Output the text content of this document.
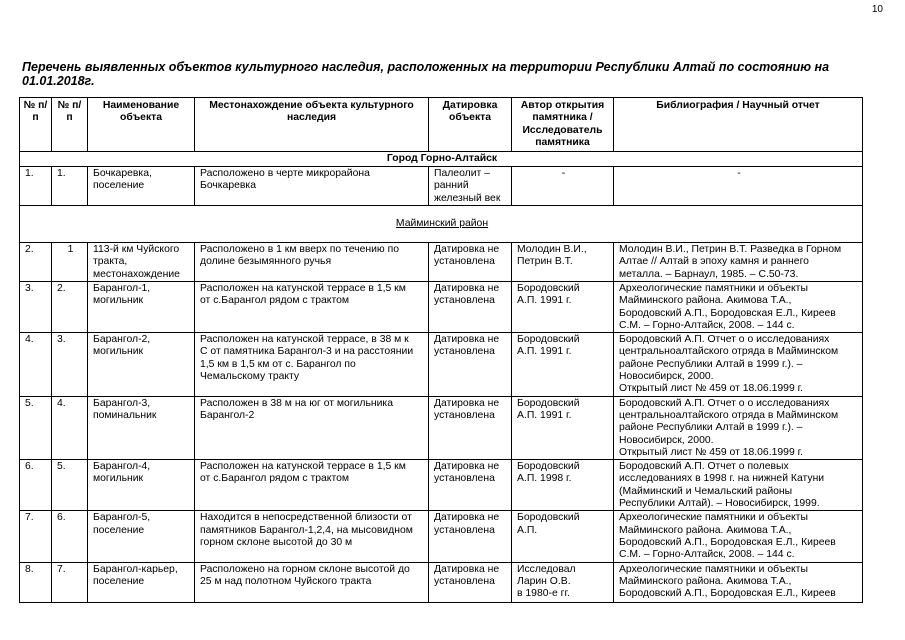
10
Перечень выявленных объектов культурного наследия, расположенных на территории Республики Алтай по состоянию на 01.01.2018г.
№ п/п	№ п/п	Наименование объекта	Местонахождение объекта культурного наследия	Датировка объекта	Автор открытия памятника / Исследователь памятника	Библиография / Научный отчет
Город Горно-Алтайск						
1.	1.	Бочкаревка,
поселение	Расположено в черте микрорайона
Бочкаревка	Палеолит –
ранний
железный век	-	-
Майминский район						
2.	1	113-й км Чуйского
тракта,
местонахождение	Расположено в 1 км вверх по течению по
долине безымянного ручья	Датировка не
установлена	Молодин В.И.,
Петрин В.Т.	Молодин В.И., Петрин В.Т. Разведка в Горном
Алтае // Алтай в эпоху камня и раннего
металла. – Барнаул, 1985. – С.50-73.
3.	2.	Барангол-1,
могильник	Расположен на катунской террасе в 1,5 км
от с.Барангол рядом с трактом	Датировка не
установлена	Бородовский
А.П. 1991 г.	Археологические памятники и объекты
Майминского района. Акимова Т.А.,
Бородовский А.П., Бородовская Е.Л., Киреев
С.М. – Горно-Алтайск, 2008. – 144 с.
4.	3.	Барангол-2,
могильник	Расположен на катунской террасе, в 38 м к
С от памятника Барангол-3 и на расстоянии
1,5 км в 1,5 км от с. Барангол по
Чемальскому тракту	Датировка не
установлена	Бородовский
А.П. 1991 г.	Бородовский А.П. Отчет о о исследованиях
центральноалтайского отряда в Майминском
районе Республики Алтай в 1999 г.). –
Новосибирск, 2000.
Открытый лист № 459 от 18.06.1999 г.
5.	4.	Барангол-3,
поминальник	Расположен в 38 м на юг от могильника
Барангол-2	Датировка не
установлена	Бородовский
А.П. 1991 г.	Бородовский А.П. Отчет о о исследованиях
центральноалтайского отряда в Майминском
районе Республики Алтай в 1999 г.). –
Новосибирск, 2000.
Открытый лист № 459 от 18.06.1999 г.
6.	5.	Барангол-4,
могильник	Расположен на катунской террасе в 1,5 км
от с.Барангол рядом с трактом	Датировка не
установлена	Бородовский
А.П. 1998 г.	Бородовский А.П. Отчет о полевых
исследованиях в 1998 г. на нижней Катуни
(Майминский и Чемальский районы
Республики Алтай). – Новосибирск, 1999.
7.	6.	Барангол-5,
поселение	Находится в непосредственной близости от
памятников Барангол-1,2,4, на мысовидном
горном склоне высотой до 30 м	Датировка не
установлена	Бородовский
А.П.	Археологические памятники и объекты
Майминского района. Акимова Т.А.,
Бородовский А.П., Бородовская Е.Л., Киреев
С.М. – Горно-Алтайск, 2008. – 144 с.
8.	7.	Барангол-карьер,
поселение	Расположено на горном склоне высотой до
25 м над полотном Чуйского тракта	Датировка не
установлена	Исследовал
Ларин О.В.
в 1980-е гг.	Археологические памятники и объекты
Майминского района. Акимова Т.А.,
Бородовский А.П., Бородовская Е.Л., Киреев
